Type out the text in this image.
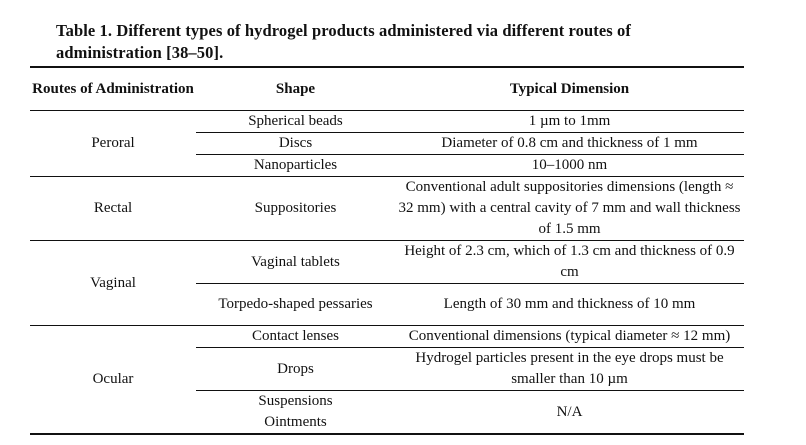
Table 1. Different types of hydrogel products administered via different routes of administration [38–50].
Routes of Administration	Shape	Typical Dimension
Peroral	Spherical beads	1 µm to 1mm
	Discs	Diameter of 0.8 cm and thickness of 1 mm
	Nanoparticles	10–1000 nm
Rectal	Suppositories	Conventional adult suppositories dimensions (length ≈ 32 mm) with a central cavity of 7 mm and wall thickness of 1.5 mm
Vaginal	Vaginal tablets	Height of 2.3 cm, which of 1.3 cm and thickness of 0.9 cm
	Torpedo-shaped pessaries	Length of 30 mm and thickness of 10 mm
Ocular	Contact lenses	Conventional dimensions (typical diameter ≈ 12 mm)
	Drops	Hydrogel particles present in the eye drops must be smaller than 10 µm
	Suspensions Ointments	N/A
